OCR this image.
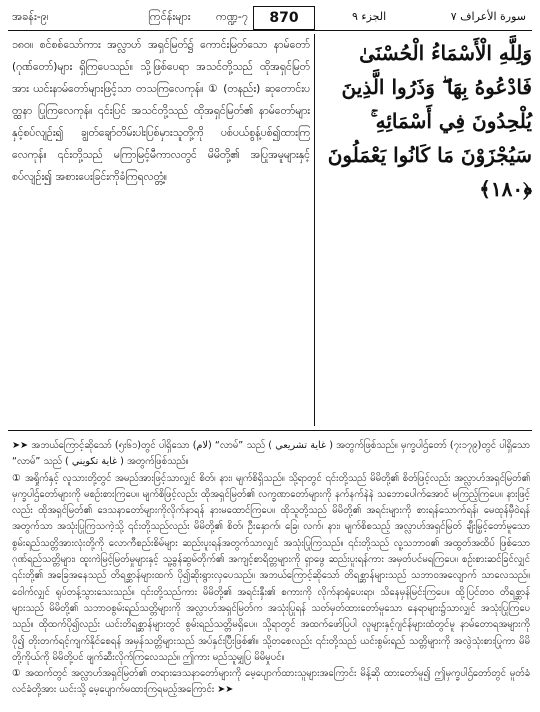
အခန်း-၉၊	ကြင်န်းများ ကဏ္ဍ-၇	870	الجزء ٩	سورة الأعراف ٧

၁၈၀။ စင်စစ်သော်ကား အလ္လာဟ် အရှင်မြတ်၌ ကောင်းမြတ်သော နာမ်တော် (ဂုဏ်တော်)များ ရှိကြပေသည်။ သို့ဖြစ်ပေရာ အသင်တို့သည် ထိုအရှင်မြတ်အား ယင်းနာမ်တော်များဖြင့်သာ တသကြလေကုန်။ ① (တနည်း) ဆုတောင်းပတ္ထနာ ပြုကြလေကုန်။ ၎င်းပြင် အသင်တို့သည် ထိုအရှင်မြတ်၏ နာမ်တော်များနှင့်စပ်လျဉ်း၍ ချွတ်ချော်တိမ်းပါးပြစ်မှားသူတို့ကို ပစ်ပယ်စွန့်ပစ်၍ထားကြလေကုန်။ ၎င်းတို့သည် မကြာမြင့်မီကာလတွင် မိမိတို့၏ အပြုအမူများနှင့်စပ်လျဉ်း၍ အစားပေးခြင်းကိုခံကြရလတ္တံ့။

وَلِلَّهِ الْأَسْمَاءُ الْحُسْنَىٰ فَادْعُوهُ بِهَا ۖ وَذَرُوا الَّذِينَ يُلْحِدُونَ فِي أَسْمَائِهِ ۚ سَيُجْزَوْنَ مَا كَانُوا يَعْمَلُونَ ﴿١٨٠﴾

➤➤ အဘယ်ကြောင့်ဆိုသော် (၅း၆၁)တွင် ပါရှိသော (لام) “လာမ်” သည် ( غاية تشريعي ) အတွက်ဖြစ်သည်။ မှက္ခပါဌ်တော် (၇း၁၇၉)တွင် ပါရှိသော “လာမ်” သည် ( غاية تكويني ) အတွက်ဖြစ်သည်။

① အရှိုက်နှင့် လူသားတို့တွင် အမည်အားဖြင့်သာလျှင် စိတ်၊ နား၊ မျက်စိရှိသည်။ သို့ရာတွင် ၎င်းတို့သည် မိမိတို့၏ စိတ်ဖြင့်လည်း အလ္လာဟ်အရှင်မြတ်၏ မှက္ခပါဌ်တော်များကို မစဉ်းစားကြပေ။ မျက်စိဖြင့်လည်း ထိုအရှင်မြတ်၏ လက္ခဏာတော်များကို နက်နက်နဲနဲ သဘောပေါက်အောင် မကြည့်ကြပေ။ နားဖြင့်လည်း ထိုအရှင်မြတ်၏ ဒေသနာတော်များကိုလိုက်နာရန် နားမထောင်ကြပေ။ ထိုသူတို့သည် မိမိတို့၏ အရင်းများကို စားရန်သောက်ရန်၊ မေထုန်မှီဝဲရန်အတွက်သာ အသုံးပြုကြသကဲ့သို့ ၎င်းတို့သည်လည်း မိမိတို့၏ စိတ်၊ ဦးနှောက်၊ ခြေ၊ လက်၊ နား၊ မျက်စိစသည့် အလ္လာဟ်အရှင်မြတ် ချီးမြှင့်တော်မူသော စွမ်းရည်သတ္တိအားလုံးတို့ကို လောကီစည်းစိမ်များ ဆည်းပူးရန်အတွက်သာလျှင် အသုံးပြုကြသည်။ ၎င်းတို့သည် လူ့သဘာဝ၏ အထွတ်အထိပ် ဖြစ်သော ဂုဏ်ရည်သတ္တိများ၊ ထူးကဲမြင့်မြတ်မှုများနှင့် သူ့ခွန်ဆွမ်တိုက်၏ အကျင့်စာရိတ္တများကို ရှာဖွေ ဆည်းပူးရန်ကား အမှတ်ပင်မရကြပေ။ စဉ်းစားဆင်ခြင်လျှင် ၎င်းတို့၏ အခြေအနေသည် တိရစ္ဆာန်များထက် ပို၍ဆိုးရွားလှပေသည်။ အဘယ်ကြောင့်ဆိုသော် တိရစ္ဆာန်များသည် သဘာဝအလျောက် သာလေသည်။ ဝေါက်လျှင် ရုပ်တန့်သွားသေးသည်။ ၎င်းတို့သည်ကား မိမိတို့၏ အရင်းနှီး၏ စကားကို လိုက်နာရုံပေးရာ၊ သိနေမှန်မြင်းကြပေ။ ထို့ပြင်တဝ တိရစ္ဆာန်များသည် မိမိတို့၏ သဘာဝစွမ်းရည်သတ္တိများကို အလ္လာဟ်အရှင်မြတ်က အသုံးပြုရန် သတ်မှတ်ထားတော်မူသော နေရာများ၌သာလျှင် အသုံးပြုကြပေသည်။ ထိုထက်ပို၍လည်း ယင်းတိရစ္ဆာန်များတွင် စွမ်းရည်သတ္တိမရှိပေ။ သို့ရာတွင် အထက်ဖော်ပြပါ လူများနှင့်ဂျင်န်များထံတွင်မူ နာမ်တောရအများကို ပို၍ တိုးတက်ရင့်ကျက်နိုင်စေရန် အမှန်သတ္တိများသည် အပ်နှင်းပြီးဖြစ်၏။ သို့တစေလည်း ၎င်းတို့သည် ယင်းစွမ်းရည် သတ္တိများကို အလွဲသုံးစားပြုကာ မိမိတို့ကိုယ်ကို မိမိတို့ပင် ဖျက်ဆီးလိုက်ကြလေသည်။ ဤကား မည်သူမျှပြ မိမိမှုပင်။

① အထက်တွင် အလ္လာဟ်အရှင်မြတ်၏ တရားဒေသနာတော်များကို မေ့ပျောက်ထားသူများအကြောင်း မိန့်ဆို ထားတော်မူ၍ ဤမှက္ခပါဌ်တော်တွင် မူတ်ခံလင်ခံတို့အား ယင်းသို့ မေ့ပျောက်မထားကြရမည့်အကြောင်း ➤➤
